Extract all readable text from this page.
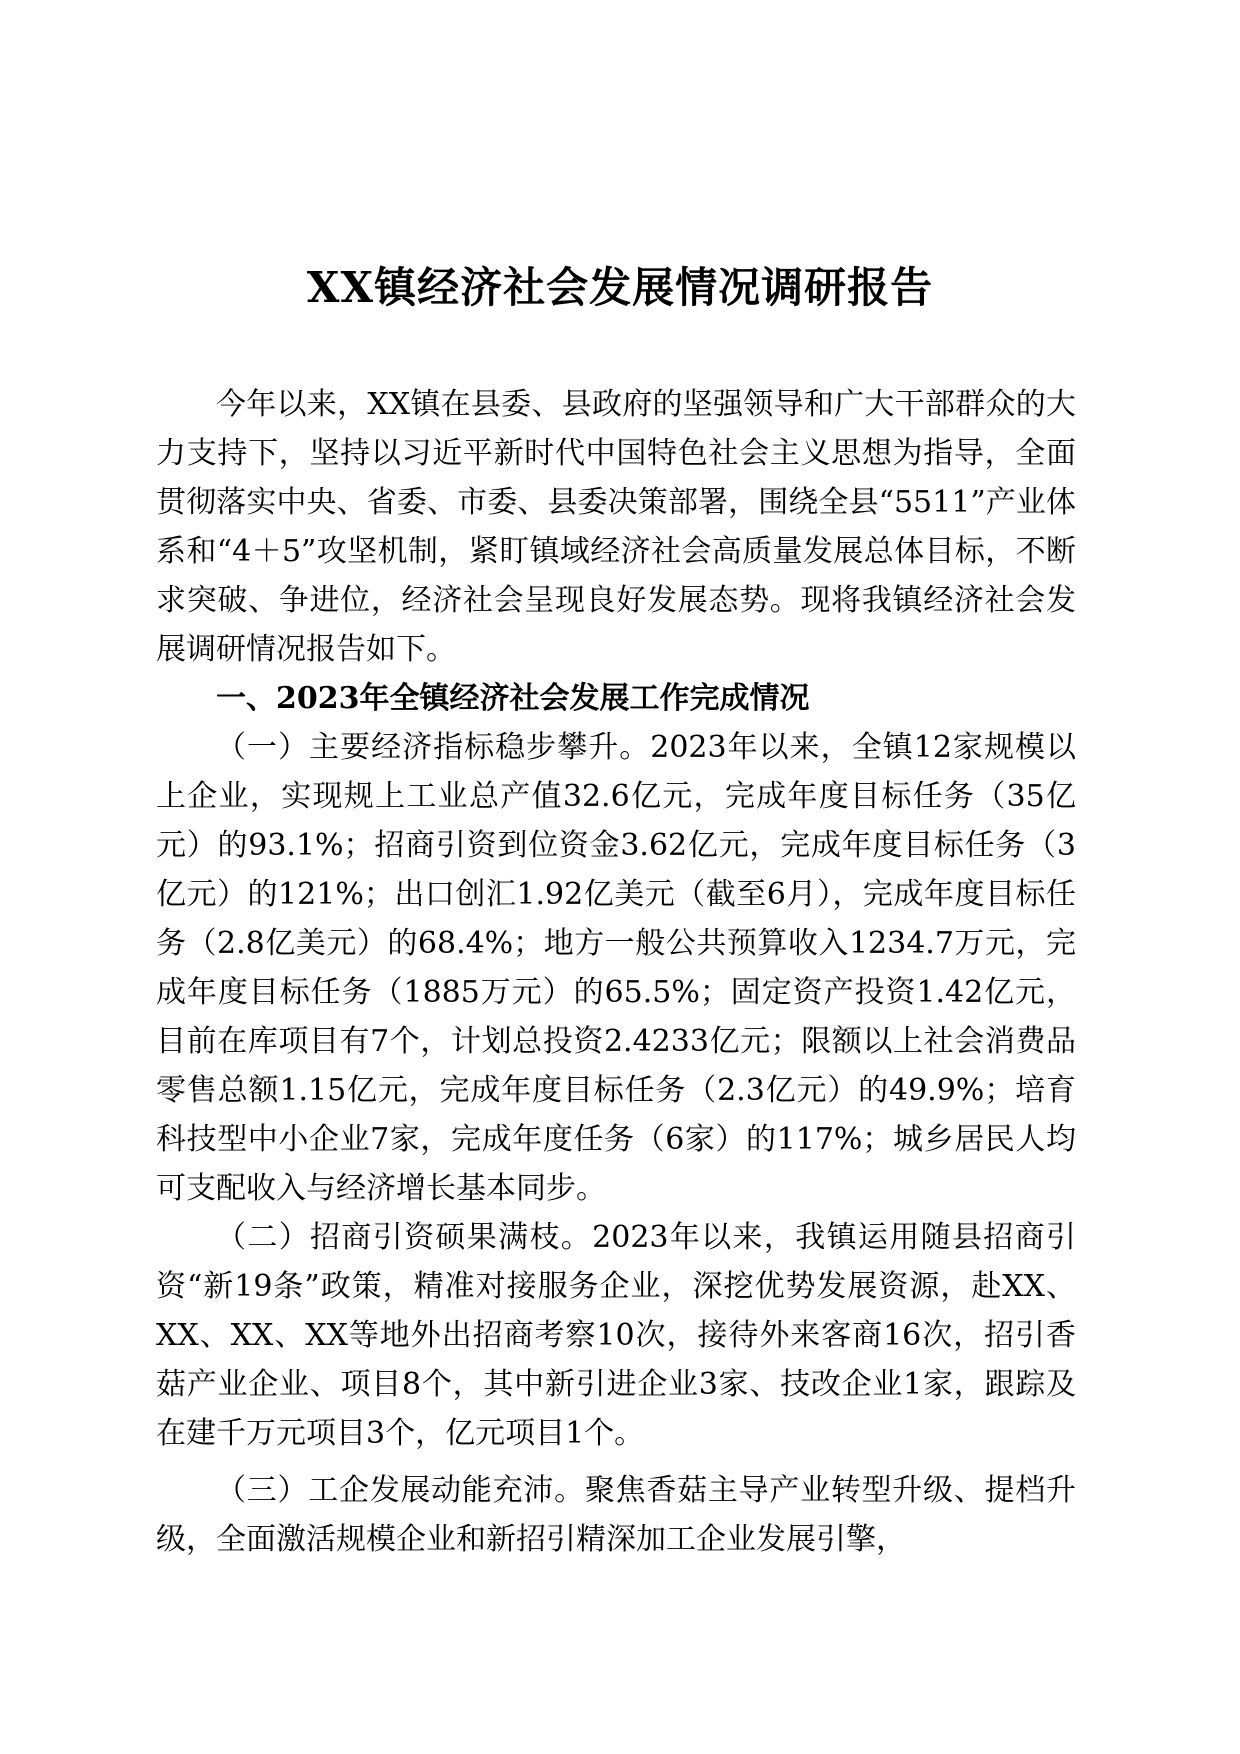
XX镇经济社会发展情况调研报告

今年以来，XX镇在县委、县政府的坚强领导和广大干部群众的大力支持下，坚持以习近平新时代中国特色社会主义思想为指导，全面贯彻落实中央、省委、市委、县委决策部署，围绕全县“5511”产业体系和“4＋5”攻坚机制，紧盯镇域经济社会高质量发展总体目标，不断求突破、争进位，经济社会呈现良好发展态势。现将我镇经济社会发展调研情况报告如下。

一、2023年全镇经济社会发展工作完成情况

（一）主要经济指标稳步攀升。2023年以来，全镇12家规模以上企业，实现规上工业总产值32.6亿元，完成年度目标任务（35亿元）的93.1%；招商引资到位资金3.62亿元，完成年度目标任务（3亿元）的121%；出口创汇1.92亿美元（截至6月），完成年度目标任务（2.8亿美元）的68.4%；地方一般公共预算收入1234.7万元，完成年度目标任务（1885万元）的65.5%；固定资产投资1.42亿元，目前在库项目有7个，计划总投资2.4233亿元；限额以上社会消费品零售总额1.15亿元，完成年度目标任务（2.3亿元）的49.9%；培育科技型中小企业7家，完成年度任务（6家）的117%；城乡居民人均可支配收入与经济增长基本同步。

（二）招商引资硕果满枝。2023年以来，我镇运用随县招商引资“新19条”政策，精准对接服务企业，深挖优势发展资源，赴XX、XX、XX、XX等地外出招商考察10次，接待外来客商16次，招引香菇产业企业、项目8个，其中新引进企业3家、技改企业1家，跟踪及在建千万元项目3个，亿元项目1个。

（三）工企发展动能充沛。聚焦香菇主导产业转型升级、提档升级，全面激活规模企业和新招引精深加工企业发展引擎，
